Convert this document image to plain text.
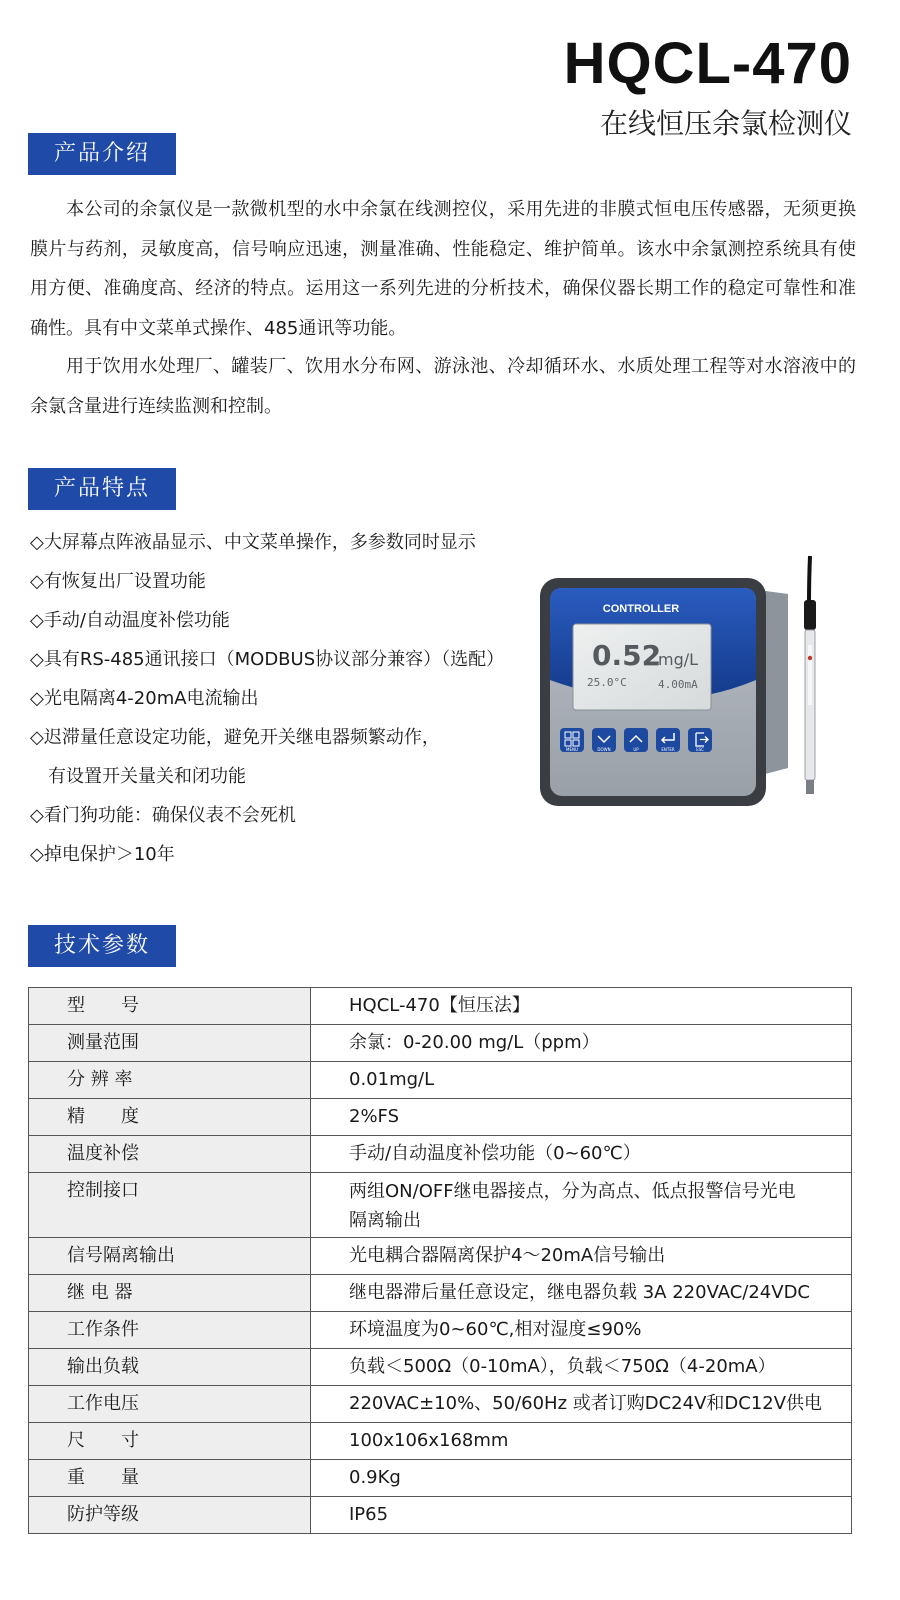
HQCL-470
在线恒压余氯检测仪
产品介绍

本公司的余氯仪是一款微机型的水中余氯在线测控仪，采用先进的非膜式恒电压传感器，无须更换膜片与药剂，灵敏度高，信号响应迅速，测量准确、性能稳定、维护简单。该水中余氯测控系统具有使用方便、准确度高、经济的特点。运用这一系列先进的分析技术，确保仪器长期工作的稳定可靠性和准确性。具有中文菜单式操作、485通讯等功能。

用于饮用水处理厂、罐装厂、饮用水分布网、游泳池、冷却循环水、水质处理工程等对水溶液中的余氯含量进行连续监测和控制。

产品特点
◇大屏幕点阵液晶显示、中文菜单操作，多参数同时显示
◇有恢复出厂设置功能
◇手动/自动温度补偿功能
◇具有RS-485通讯接口（MODBUS协议部分兼容）（选配）
◇光电隔离4-20mA电流输出
◇迟滞量任意设定功能，避免开关继电器频繁动作，
有设置开关量关和闭功能
◇看门狗功能：确保仪表不会死机
◇掉电保护＞10年
CONTROLLER
0.52
mg/L
25.0°C	4.00mA
MENU	DOWN	UP	ENTER	ESC
技术参数
型　　号	HQCL-470【恒压法】
测量范围	余氯：0-20.00 mg/L（ppm）
分 辨 率	0.01mg/L
精　　度	2%FS
温度补偿	手动/自动温度补偿功能（0~60℃）
控制接口	两组ON/OFF继电器接点，分为高点、低点报警信号光电
隔离输出

信号隔离输出	光电耦合器隔离保护4～20mA信号输出
继 电 器	继电器滞后量任意设定，继电器负载 3A 220VAC/24VDC
工作条件	环境温度为0~60℃,相对湿度≤90%
输出负载	负载＜500Ω（0-10mA），负载＜750Ω（4-20mA）
工作电压	220VAC±10%、50/60Hz 或者订购DC24V和DC12V供电
尺　　寸	100x106x168mm
重　　量	0.9Kg
防护等级	IP65
